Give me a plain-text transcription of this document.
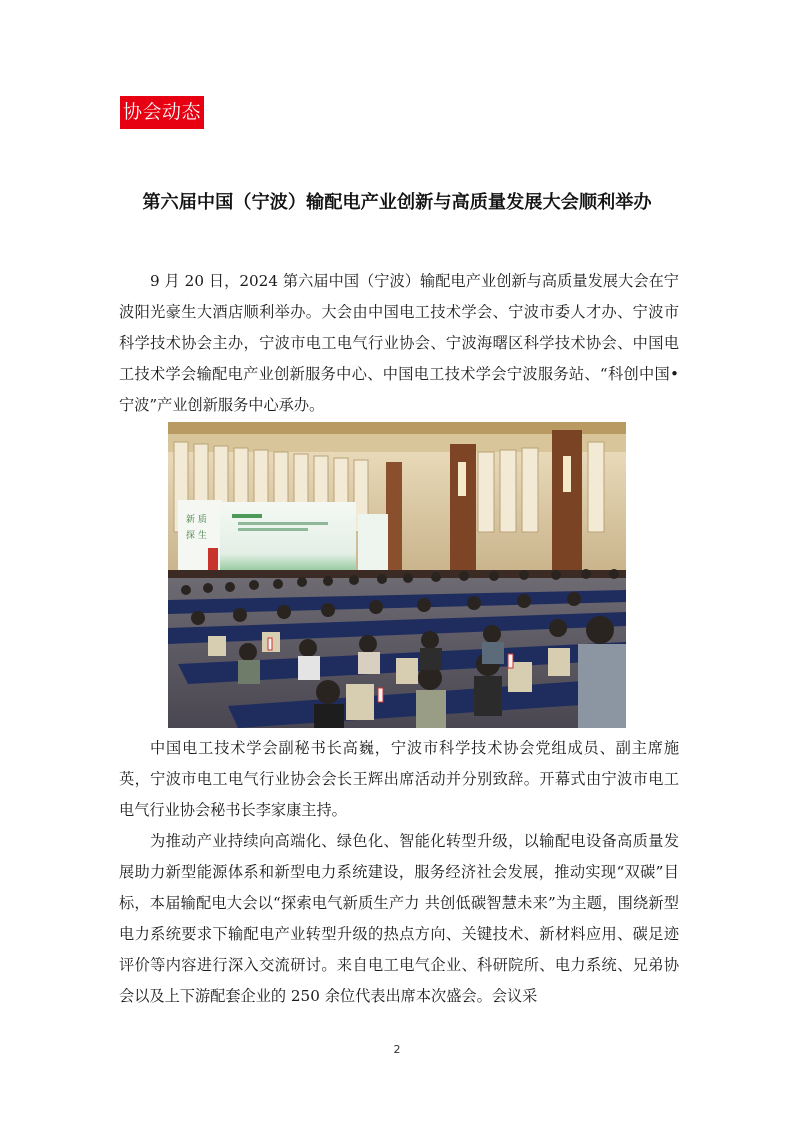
协会动态
第六届中国（宁波）输配电产业创新与高质量发展大会顺利举办

9 月 20 日，2024 第六届中国（宁波）输配电产业创新与高质量发展大会在宁波阳光豪生大酒店顺利举办。大会由中国电工技术学会、宁波市委人才办、宁波市科学技术协会主办，宁波市电工电气行业协会、宁波海曙区科学技术协会、中国电工技术学会输配电产业创新服务中心、中国电工技术学会宁波服务站、“科创中国•宁波”产业创新服务中心承办。

新 质
探 生

中国电工技术学会副秘书长高巍，宁波市科学技术协会党组成员、副主席施英，宁波市电工电气行业协会会长王辉出席活动并分别致辞。开幕式由宁波市电工电气行业协会秘书长李家康主持。

为推动产业持续向高端化、绿色化、智能化转型升级，以输配电设备高质量发展助力新型能源体系和新型电力系统建设，服务经济社会发展，推动实现“双碳”目标，本届输配电大会以“探索电气新质生产力 共创低碳智慧未来”为主题，围绕新型电力系统要求下输配电产业转型升级的热点方向、关键技术、新材料应用、碳足迹评价等内容进行深入交流研讨。来自电工电气企业、科研院所、电力系统、兄弟协会以及上下游配套企业的 250 余位代表出席本次盛会。会议采

2
